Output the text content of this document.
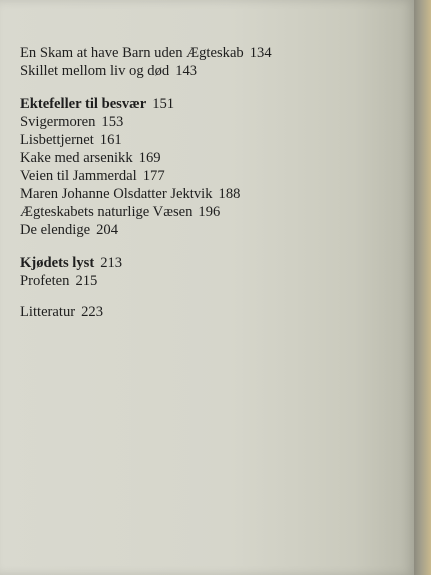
En Skam at have Barn uden Ægteskab 134
Skillet mellom liv og død 143
Ektefeller til besvær 151
Svigermoren 153
Lisbettjernet 161
Kake med arsenikk 169
Veien til Jammerdal 177
Maren Johanne Olsdatter Jektvik 188
Ægteskabets naturlige Væsen 196
De elendige 204
Kjødets lyst 213
Profeten 215
Litteratur 223
